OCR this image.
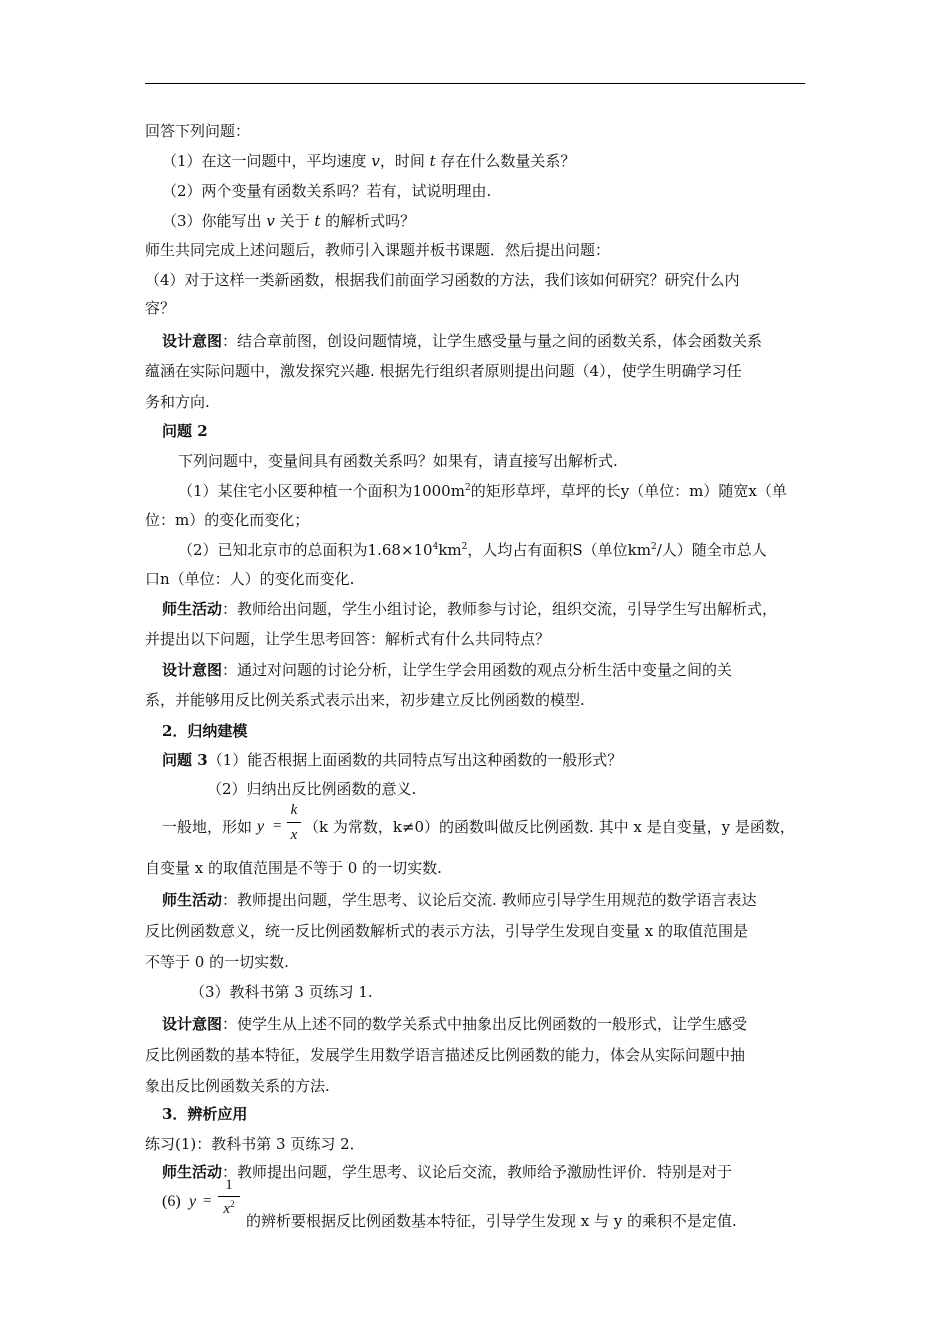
回答下列问题：
（1）在这一问题中，平均速度 v，时间 t 存在什么数量关系？
（2）两个变量有函数关系吗？若有，试说明理由.
（3）你能写出 v 关于 t 的解析式吗？
师生共同完成上述问题后，教师引入课题并板书课题．然后提出问题：
（4）对于这样一类新函数，根据我们前面学习函数的方法，我们该如何研究？研究什么内
容？
设计意图：结合章前图，创设问题情境，让学生感受量与量之间的函数关系，体会函数关系
蕴涵在实际问题中，激发探究兴趣. 根据先行组织者原则提出问题（4），使学生明确学习任
务和方向.
问题 2
下列问题中，变量间具有函数关系吗？如果有，请直接写出解析式.
（1）某住宅小区要种植一个面积为$1000m^2$的矩形草坪，草坪的长y（单位：m）随宽x（单
位：m）的变化而变化；
（2）已知北京市的总面积为$1.68\times 10^4km^2$，人均占有面积S（单位$km^2/$人）随全市总人
口n（单位：人）的变化而变化.
师生活动：教师给出问题，学生小组讨论，教师参与讨论，组织交流，引导学生写出解析式，
并提出以下问题，让学生思考回答：解析式有什么共同特点？
设计意图：通过对问题的讨论分析，让学生学会用函数的观点分析生活中变量之间的关
系，并能够用反比例关系式表示出来，初步建立反比例函数的模型.
2．归纳建模
问题 3（1）能否根据上面函数的共同特点写出这种函数的一般形式？
（2）归纳出反比例函数的意义.
一般地，形如 y =
k
x （k 为常数，k≠0）的函数叫做反比例函数. 其中 x 是自变量，y 是函数，
自变量 x 的取值范围是不等于 0 的一切实数.
师生活动：教师提出问题，学生思考、议论后交流. 教师应引导学生用规范的数学语言表达
反比例函数意义，统一反比例函数解析式的表示方法，引导学生发现自变量 x 的取值范围是
不等于 0 的一切实数.
（3）教科书第 3 页练习 1.
设计意图：使学生从上述不同的数学关系式中抽象出反比例函数的一般形式，让学生感受
反比例函数的基本特征，发展学生用数学语言描述反比例函数的能力，体会从实际问题中抽
象出反比例函数关系的方法.
3．辨析应用
练习(1)：教科书第 3 页练习 2．
师生活动：教师提出问题，学生思考、议论后交流，教师给予激励性评价．特别是对于
(6) y =
1
$x^2$
的辨析要根据反比例函数基本特征，引导学生发现 x 与 y 的乘积不是定值.
